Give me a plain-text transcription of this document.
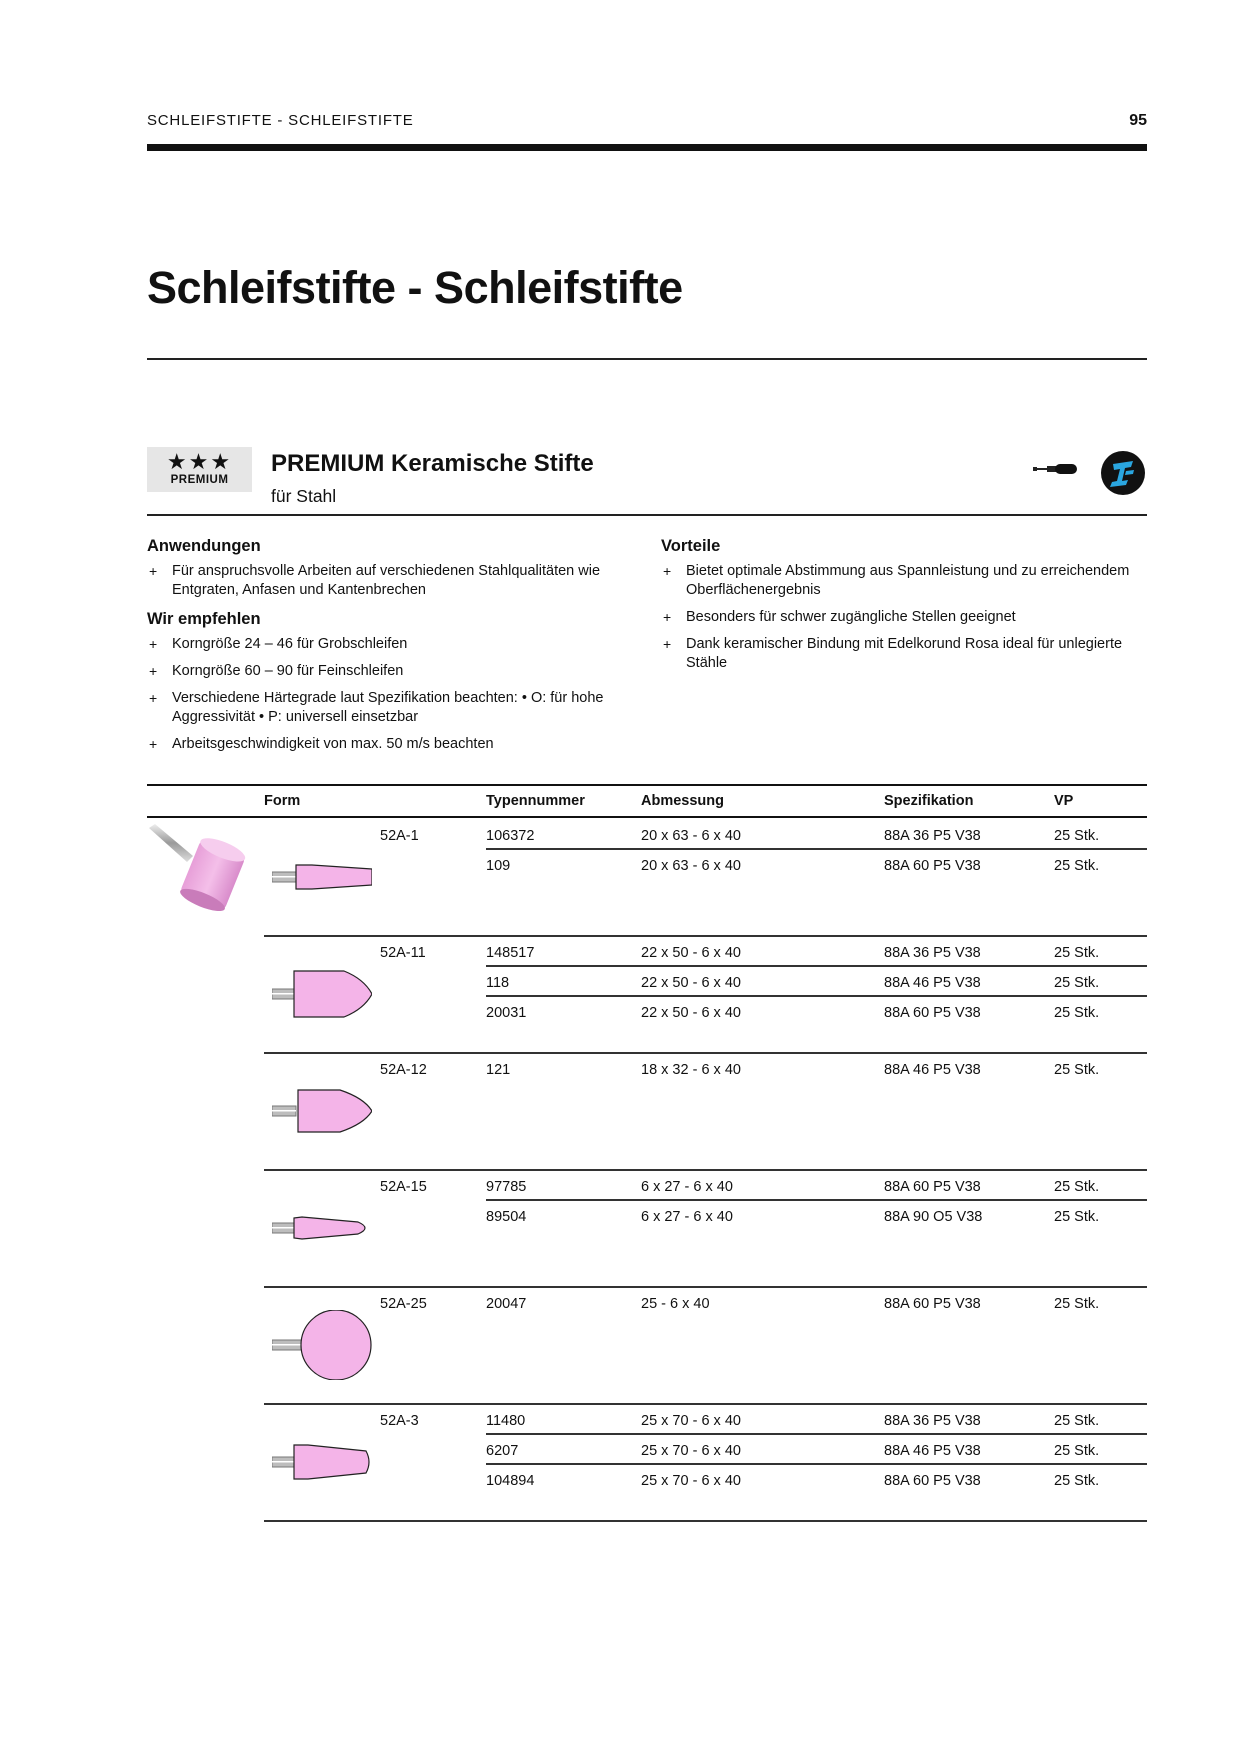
SCHLEIFSTIFTE - SCHLEIFSTIFTE	95
Schleifstifte - Schleifstifte
★★★
PREMIUM
PREMIUM Keramische Stifte
für Stahl
Anwendungen
+ Für anspruchsvolle Arbeiten auf verschiedenen Stahlqualitäten wie Entgraten, Anfasen und Kantenbrechen
Wir empfehlen
+ Korngröße 24 – 46 für Grobschleifen
+ Korngröße 60 – 90 für Feinschleifen
+ Verschiedene Härtegrade laut Spezifikation beachten: • O: für hohe Aggressivität • P: universell einsetzbar
+ Arbeitsgeschwindigkeit von max. 50 m/s beachten
Vorteile
+ Bietet optimale Abstimmung aus Spannleistung und zu erreichendem Oberflächenergebnis
+ Besonders für schwer zugängliche Stellen geeignet
+ Dank keramischer Bindung mit Edelkorund Rosa ideal für unlegierte Stähle
Form	Typennummer	Abmessung	Spezifikation	VP
52A-1	106372	20 x 63 - 6 x 40	88A 36 P5 V38	25 Stk.
109	20 x 63 - 6 x 40	88A 60 P5 V38	25 Stk.
52A-11	148517	22 x 50 - 6 x 40	88A 36 P5 V38	25 Stk.
118	22 x 50 - 6 x 40	88A 46 P5 V38	25 Stk.
20031	22 x 50 - 6 x 40	88A 60 P5 V38	25 Stk.
52A-12	121	18 x 32 - 6 x 40	88A 46 P5 V38	25 Stk.
52A-15	97785	6 x 27 - 6 x 40	88A 60 P5 V38	25 Stk.
89504	6 x 27 - 6 x 40	88A 90 O5 V38	25 Stk.
52A-25	20047	25 - 6 x 40	88A 60 P5 V38	25 Stk.
52A-3	11480	25 x 70 - 6 x 40	88A 36 P5 V38	25 Stk.
6207	25 x 70 - 6 x 40	88A 46 P5 V38	25 Stk.
104894	25 x 70 - 6 x 40	88A 60 P5 V38	25 Stk.
